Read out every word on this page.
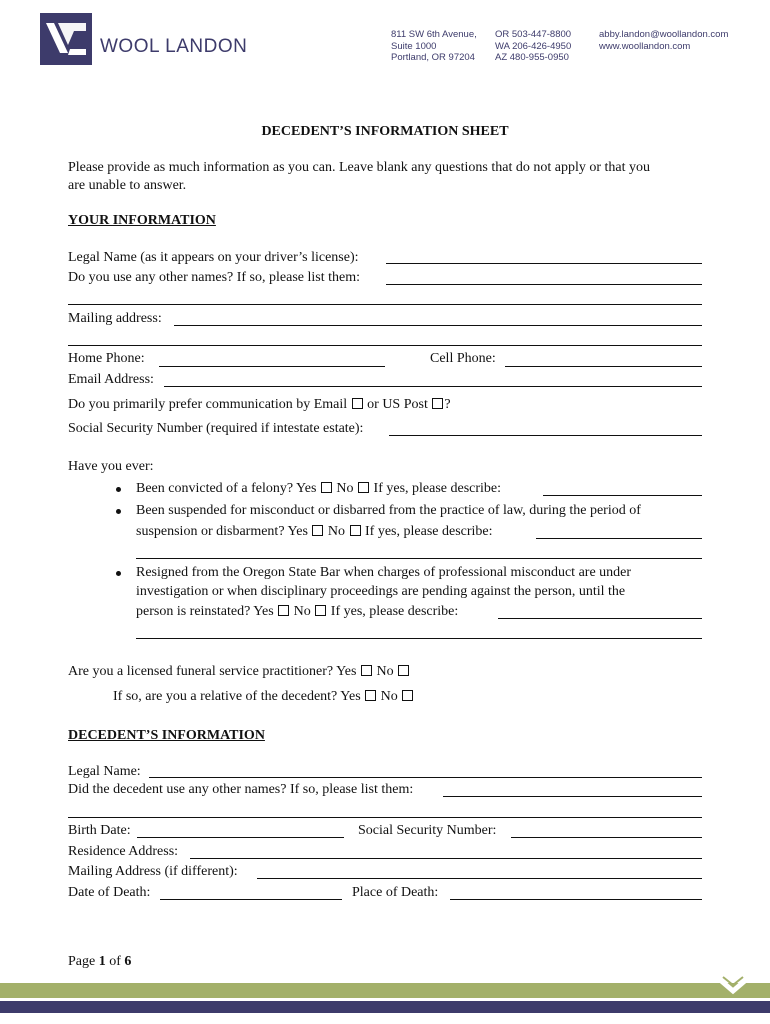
WOOL LANDON
811 SW 6th Avenue,
Suite 1000
Portland, OR 97204
OR 503-447-8800
WA 206-426-4950
AZ 480-955-0950
abby.landon@woollandon.com
www.woollandon.com
DECEDENT’S INFORMATION SHEET
Please provide as much information as you can. Leave blank any questions that do not apply or that you
are unable to answer.
YOUR INFORMATION
Legal Name (as it appears on your driver’s license):
Do you use any other names? If so, please list them:
Mailing address:
Home Phone:	Cell Phone:
Email Address:
Do you primarily prefer communication by Email or US Post ?
Social Security Number (required if intestate estate):
Have you ever:
Been convicted of a felony? Yes No If yes, please describe:
Been suspended for misconduct or disbarred from the practice of law, during the period of
suspension or disbarment? Yes No If yes, please describe:
Resigned from the Oregon State Bar when charges of professional misconduct are under
investigation or when disciplinary proceedings are pending against the person, until the
person is reinstated? Yes No If yes, please describe:
Are you a licensed funeral service practitioner? Yes No
If so, are you a relative of the decedent? Yes No
DECEDENT’S INFORMATION
Legal Name:
Did the decedent use any other names? If so, please list them:
Birth Date:	Social Security Number:
Residence Address:
Mailing Address (if different):
Date of Death:	Place of Death:
Page 1 of 6
